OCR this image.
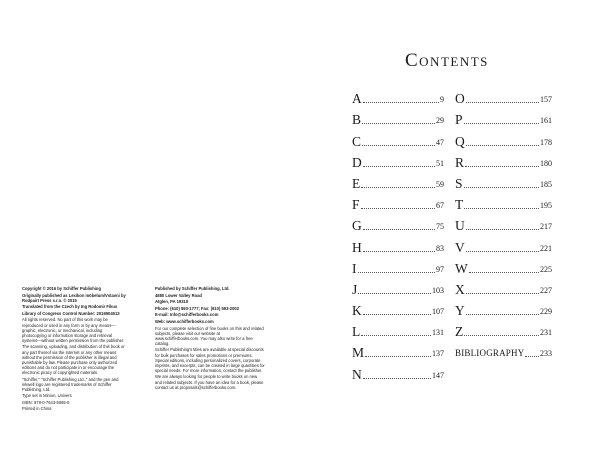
Copyright © 2016 by Schiffer Publishing

Originally published as Lexikon möbelum/Vstavni by Rodpairt Press s.r.o. © 2015

Translated from the Czech by Ing Rodomir Fikus

Library of Congress Control Number: 2016904513

All rights reserved. No part of this work may be reproduced or used in any form or by any means—graphic, electronic, or mechanical, including photocopying or information storage and retrieval systems—without written permission from the publisher.

The scanning, uploading, and distribution of this book or any part thereof via the Internet or any other means without the permission of the publisher is illegal and punishable by law. Please purchase only authorized editions and do not participate in or encourage the electronic piracy of copyrighted materials.

"Schiffer," "Schiffer Publishing Ltd.," and the pen and inkwell logo are registered trademarks of Schiffer Publishing, Ltd.

Type set in Minion, Univers

ISBN: 978-0-7643-5065-5

Printed in China

Published by Schiffer Publishing, Ltd.

4880 Lower Valley Road

Atglen, PA 19310

Phone: (610) 593-1777; Fax: (610) 593-2002

E-mail: Info@schifferbooks.com

Web: www.schifferbooks.com

For our complete selection of fine books on this and related subjects, please visit our website at www.schifferbooks.com. You may also write for a free catalog.

Schiffer Publishing's titles are available at special discounts for bulk purchases for sales promotions or premiums. Special editions, including personalized covers, corporate imprints, and excerpts, can be created in large quantities for special needs. For more information, contact the publisher.

We are always looking for people to write books on new and related subjects. If you have an idea for a book, please contact us at proposals@schifferbooks.com.

Contents
A	9
B	29
C	47
D	51
E	59
F	67
G	75
H	83
I	97
J	103
K	107
L	131
M	137
N	147
O	157
P	161
Q	178
R	180
S	185
T	195
U	217
V	221
W	225
X	227
Y	229
Z	231
BIBLIOGRAPHY 233
